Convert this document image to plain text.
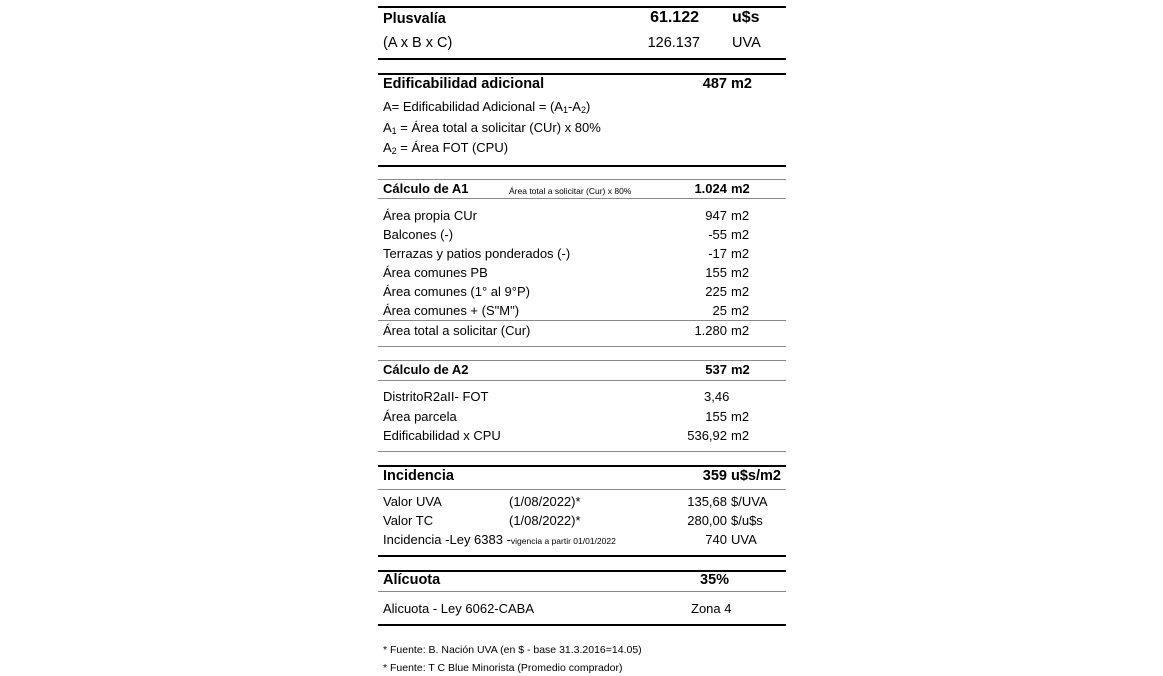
Plusvalía	61.122 u$s
(A x B x C)	126.137 UVA
Edificabilidad adicional	487 m2
A= Edificabilidad Adicional = $(A_1-A_2)$
$A_1$ = Área total a solicitar (CUr) x 80%
$A_2$ = Área FOT (CPU)
Cálculo de A1	Área total a solicitar (Cur) x 80%	1.024 m2
Área propia CUr	947 m2
Balcones (-)	-55 m2
Terrazas y patios ponderados (-)	-17 m2
Área comunes PB	155 m2
Área comunes (1° al 9°P)	225 m2
Área comunes + (S"M")	25 m2
Área total a solicitar (Cur)	1.280 m2
Cálculo de A2	537 m2
DistritoR2aII- FOT	3,46
Área parcela	155 m2
Edificabilidad x CPU	536,92 m2
Incidencia	359 u$s/m2
Valor UVA	(1/08/2022)*	135,68 $/UVA
Valor TC	(1/08/2022)*	280,00 $/u$s
Incidencia -Ley 6383 -vigencia a partir 01/01/2022	740 UVA
Alícuota	35%
Alicuota - Ley 6062-CABA	Zona 4
* Fuente: B. Nación UVA (en $ - base 31.3.2016=14.05)
* Fuente: T C Blue Minorista (Promedio comprador)
